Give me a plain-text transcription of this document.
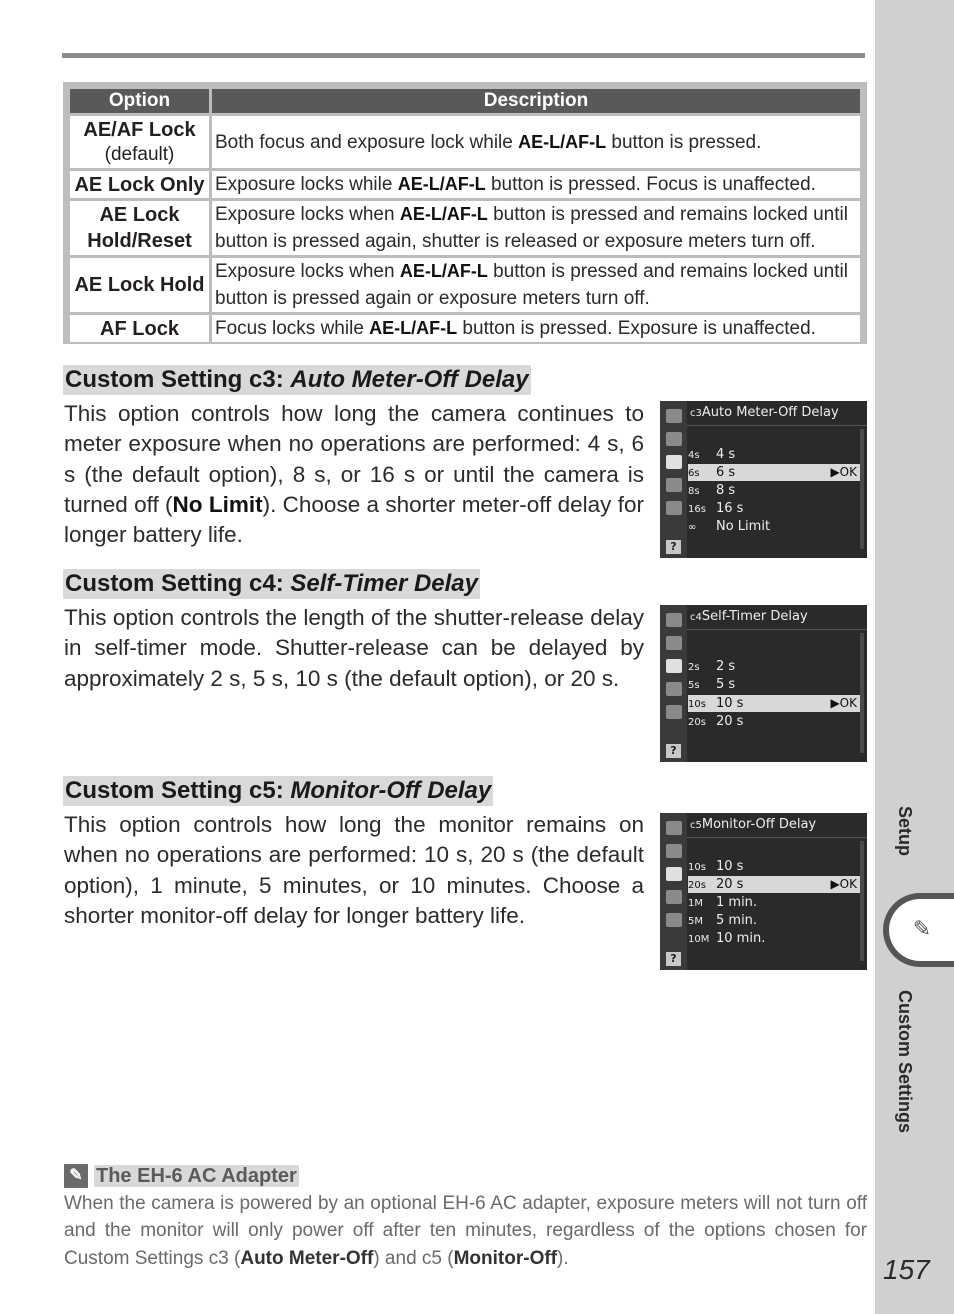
Option	Description
AE/AF Lock
(default)	Both focus and exposure lock while AE-L/AF-L button is pressed.
AE Lock Only	Exposure locks while AE-L/AF-L button is pressed. Focus is unaffected.
AE Lock Hold/Reset	Exposure locks when AE-L/AF-L button is pressed and remains locked until button is pressed again, shutter is released or exposure meters turn off.
AE Lock Hold	Exposure locks when AE-L/AF-L button is pressed and remains locked until button is pressed again or exposure meters turn off.
AF Lock	Focus locks while AE-L/AF-L button is pressed. Exposure is unaffected.
Custom Setting c3: Auto Meter-Off Delay
This option controls how long the camera continues to meter exposure when no operations are performed: 4 s, 6 s (the default option), 8 s, or 16 s or until the camera is turned off (No Limit). Choose a shorter meter-off delay for longer battery life.	?
c3Auto Meter-Off Delay
4s 4 s
6s 6 s	▶OK
8s 8 s
16s 16 s
∞ No Limit
Custom Setting c4: Self-Timer Delay
This option controls the length of the shutter-release delay in self-timer mode. Shutter-release can be delayed by approximately 2 s, 5 s, 10 s (the default option), or 20 s.
?
c4Self-Timer Delay
2s 2 s
5s 5 s
10s 10 s	▶OK
20s 20 s
Custom Setting c5: Monitor-Off Delay
This option controls how long the monitor remains on when no operations are performed: 10 s, 20 s (the default option), 1 minute, 5 minutes, or 10 minutes. Choose a shorter monitor-off delay for longer battery life.
?
c5Monitor-Off Delay
10s 10 s
20s 20 s	▶OK
1M 1 min.
5M 5 min.
10M 10 min.
Setup
✎
Custom Settings
✎ The EH-6 AC Adapter
When the camera is powered by an optional EH-6 AC adapter, exposure meters will not turn off and the monitor will only power off after ten minutes, regardless of the options chosen for Custom Settings c3 (Auto Meter-Off) and c5 (Monitor-Off).	157
